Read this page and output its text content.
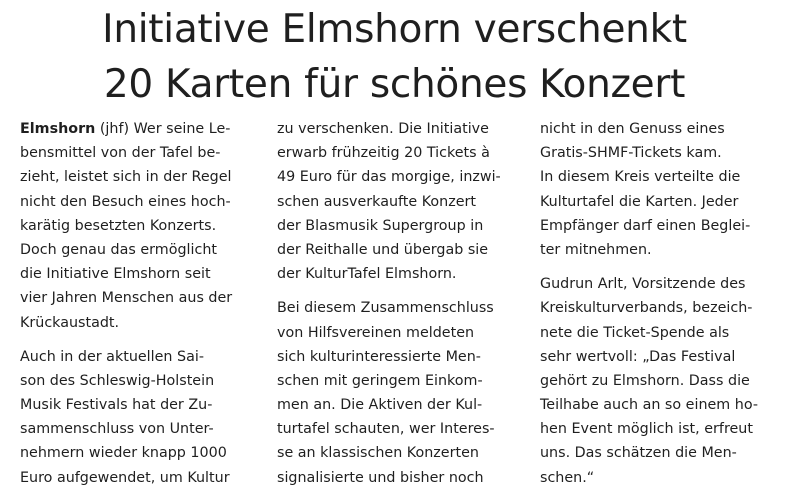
Initiative Elmshorn verschenkt
20 Karten für schönes Konzert
Elmshorn (jhf) Wer seine Le-
bensmittel von der Tafel be-
zieht, leistet sich in der Regel
nicht den Besuch eines hoch-
karätig besetzten Konzerts.
Doch genau das ermöglicht
die Initiative Elmshorn seit
vier Jahren Menschen aus der
Krückaustadt.
Auch in der aktuellen Sai-
son des Schleswig-Holstein
Musik Festivals hat der Zu-
sammenschluss von Unter-
nehmern wieder knapp 1000
Euro aufgewendet, um Kultur
zu verschenken. Die Initiative
erwarb frühzeitig 20 Tickets à
49 Euro für das morgige, inzwi-
schen ausverkaufte Konzert
der Blasmusik Supergroup in
der Reithalle und übergab sie
der KulturTafel Elmshorn.
Bei diesem Zusammenschluss
von Hilfsvereinen meldeten
sich kulturinteressierte Men-
schen mit geringem Einkom-
men an. Die Aktiven der Kul-
turtafel schauten, wer Interes-
se an klassischen Konzerten
signalisierte und bisher noch
nicht in den Genuss eines
Gratis-SHMF-Tickets kam.
In diesem Kreis verteilte die
Kulturtafel die Karten. Jeder
Empfänger darf einen Beglei-
ter mitnehmen.
Gudrun Arlt, Vorsitzende des
Kreiskulturverbands, bezeich-
nete die Ticket-Spende als
sehr wertvoll: „Das Festival
gehört zu Elmshorn. Dass die
Teilhabe auch an so einem ho-
hen Event möglich ist, erfreut
uns. Das schätzen die Men-
schen.“
